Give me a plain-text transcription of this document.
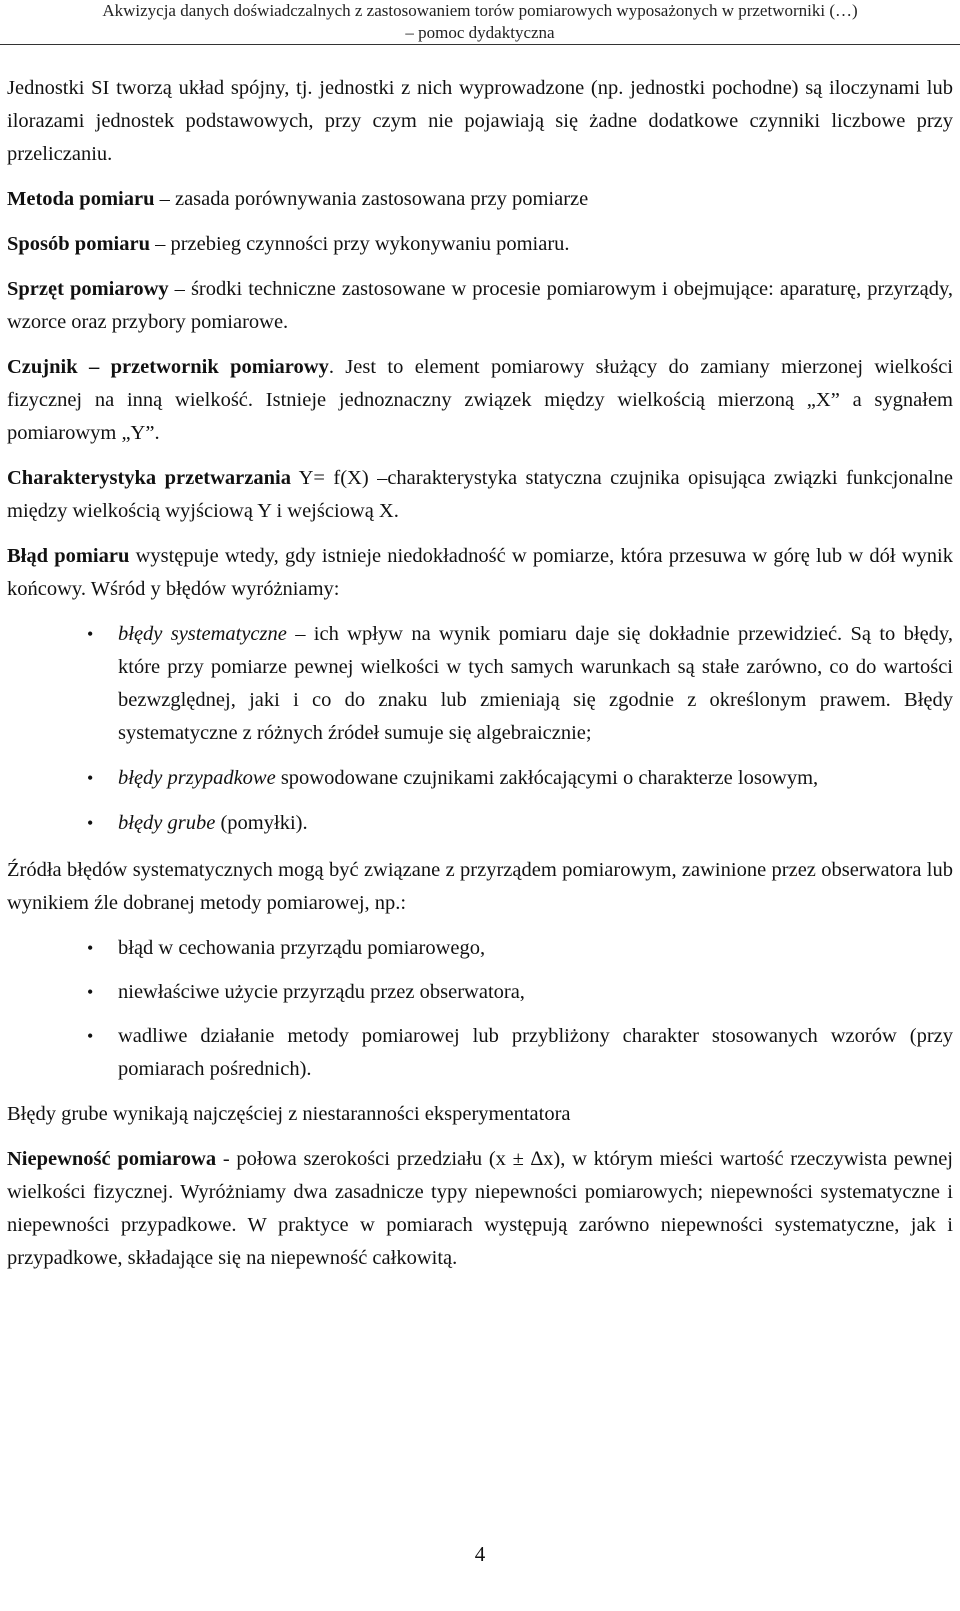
Akwizycja danych doświadczalnych z zastosowaniem torów pomiarowych wyposażonych w przetworniki (…)
– pomoc dydaktyczna

Jednostki SI tworzą układ spójny, tj. jednostki z nich wyprowadzone (np. jednostki pochodne) są iloczynami lub ilorazami jednostek podstawowych, przy czym nie pojawiają się żadne dodatkowe czynniki liczbowe przy przeliczaniu.

Metoda pomiaru – zasada porównywania zastosowana przy pomiarze

Sposób pomiaru – przebieg czynności przy wykonywaniu pomiaru.

Sprzęt pomiarowy – środki techniczne zastosowane w procesie pomiarowym i obejmujące: aparaturę, przyrządy, wzorce oraz przybory pomiarowe.

Czujnik – przetwornik pomiarowy. Jest to element pomiarowy służący do zamiany mierzonej wielkości fizycznej na inną wielkość. Istnieje jednoznaczny związek między wielkością mierzoną „X” a sygnałem pomiarowym „Y”.

Charakterystyka przetwarzania Y= f(X) –charakterystyka statyczna czujnika opisująca związki funkcjonalne między wielkością wyjściową Y i wejściową X.

Błąd pomiaru występuje wtedy, gdy istnieje niedokładność w pomiarze, która przesuwa w górę lub w dół wynik końcowy. Wśród y błędów wyróżniamy:

• błędy systematyczne – ich wpływ na wynik pomiaru daje się dokładnie przewidzieć. Są to błędy, które przy pomiarze pewnej wielkości w tych samych warunkach są stałe zarówno, co do wartości bezwzględnej, jaki i co do znaku lub zmieniają się zgodnie z określonym prawem. Błędy systematyczne z różnych źródeł sumuje się algebraicznie;
• błędy przypadkowe spowodowane czujnikami zakłócającymi o charakterze losowym,
• błędy grube (pomyłki).

Źródła błędów systematycznych mogą być związane z przyrządem pomiarowym, zawinione przez obserwatora lub wynikiem źle dobranej metody pomiarowej, np.:

• błąd w cechowania przyrządu pomiarowego,
• niewłaściwe użycie przyrządu przez obserwatora,
• wadliwe działanie metody pomiarowej lub przybliżony charakter stosowanych wzorów (przy pomiarach pośrednich).

Błędy grube wynikają najczęściej z niestaranności eksperymentatora

Niepewność pomiarowa - połowa szerokości przedziału (x ± ∆x), w którym mieści wartość rzeczywista pewnej wielkości fizycznej. Wyróżniamy dwa zasadnicze typy niepewności pomiarowych; niepewności systematyczne i niepewności przypadkowe. W praktyce w pomiarach występują zarówno niepewności systematyczne, jak i przypadkowe, składające się na niepewność całkowitą.

4
